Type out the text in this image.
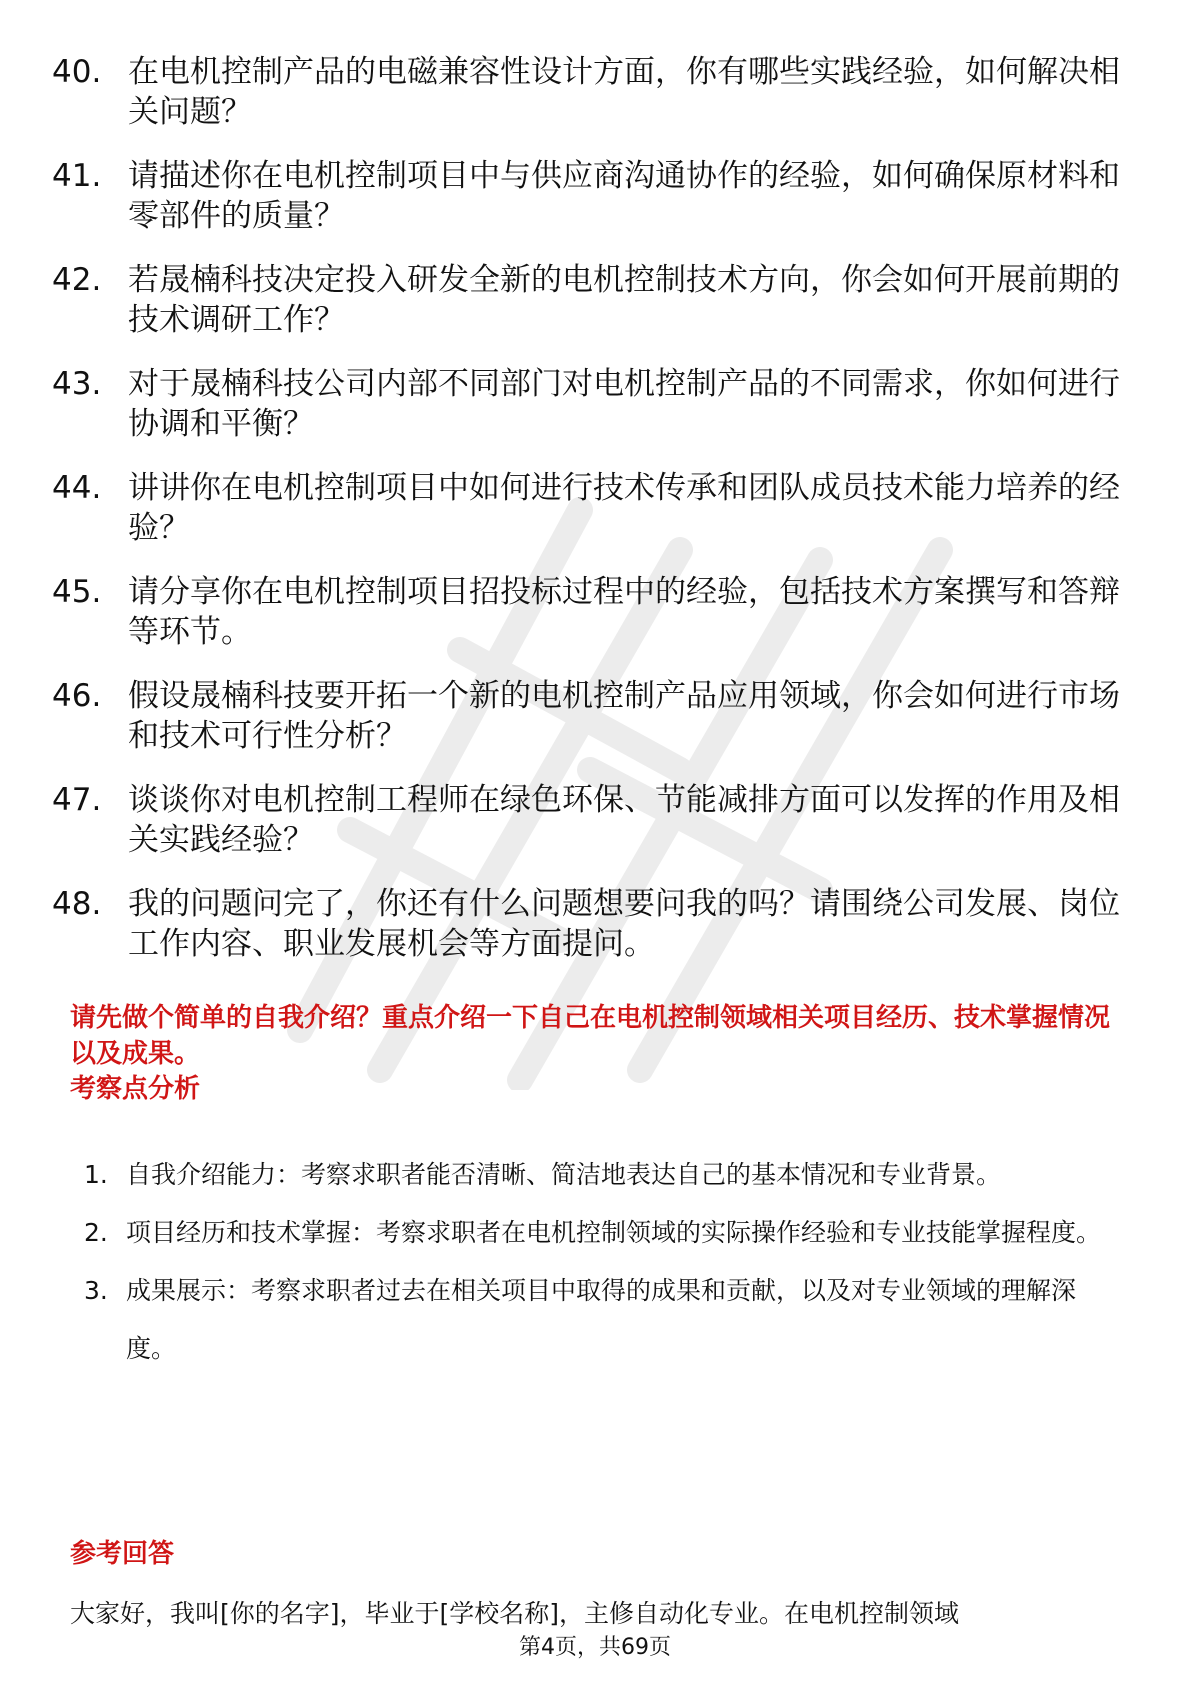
40. 在电机控制产品的电磁兼容性设计方面，你有哪些实践经验，如何解决相关问题？
41. 请描述你在电机控制项目中与供应商沟通协作的经验，如何确保原材料和零部件的质量？
42. 若晟楠科技决定投入研发全新的电机控制技术方向，你会如何开展前期的技术调研工作？
43. 对于晟楠科技公司内部不同部门对电机控制产品的不同需求，你如何进行协调和平衡？
44. 讲讲你在电机控制项目中如何进行技术传承和团队成员技术能力培养的经验？
45. 请分享你在电机控制项目招投标过程中的经验，包括技术方案撰写和答辩等环节。
46. 假设晟楠科技要开拓一个新的电机控制产品应用领域，你会如何进行市场和技术可行性分析？
47. 谈谈你对电机控制工程师在绿色环保、节能减排方面可以发挥的作用及相关实践经验？
48. 我的问题问完了，你还有什么问题想要问我的吗？请围绕公司发展、岗位工作内容、职业发展机会等方面提问。

请先做个简单的自我介绍？重点介绍一下自己在电机控制领域相关项目经历、技术掌握情况以及成果。

考察点分析

1. 自我介绍能力：考察求职者能否清晰、简洁地表达自己的基本情况和专业背景。
2. 项目经历和技术掌握：考察求职者在电机控制领域的实际操作经验和专业技能掌握程度。
3. 成果展示：考察求职者过去在相关项目中取得的成果和贡献，以及对专业领域的理解深度。

参考回答

大家好，我叫[你的名字]，毕业于[学校名称]，主修自动化专业。在电机控制领域

第4页，共69页
